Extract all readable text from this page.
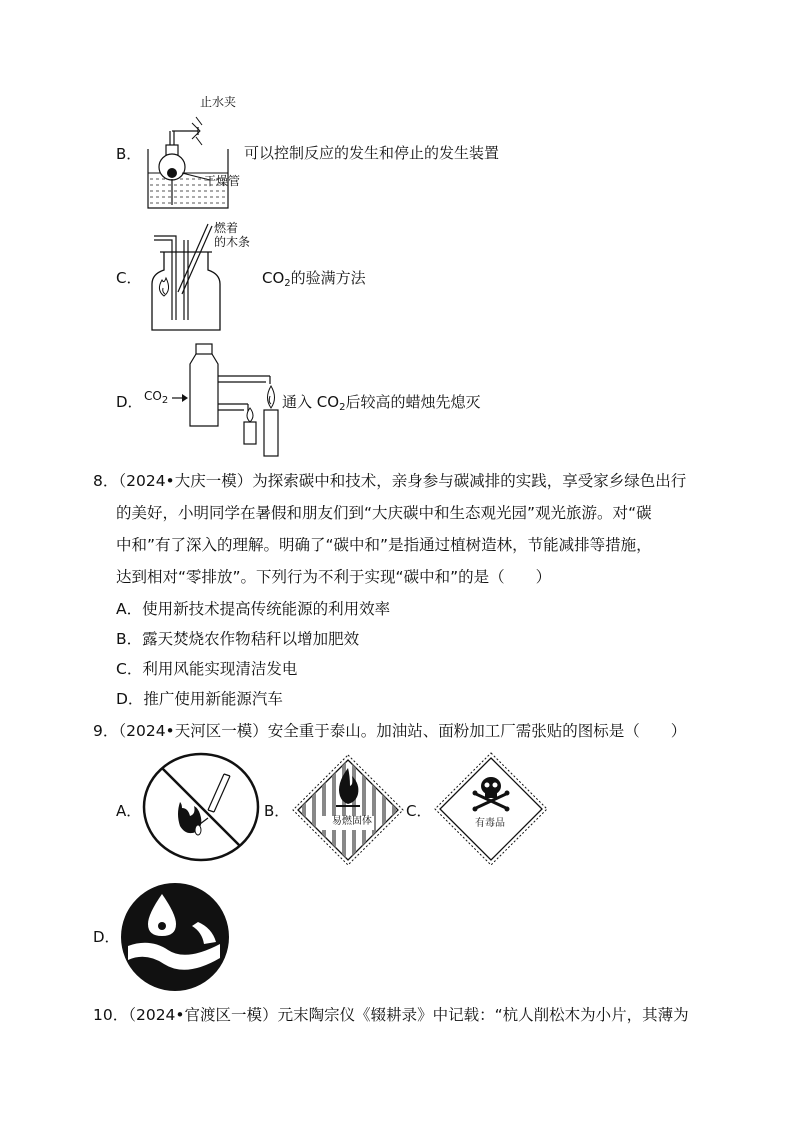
B．
止水夹
干燥管
可以控制反应的发生和停止的发生装置
C．
燃着
的木条
$CO_2$的验满方法
D． $CO_2$	通入 $CO_2$后较高的蜡烛先熄灭
8．（2024•大庆一模）为探索碳中和技术，亲身参与碳减排的实践，享受家乡绿色出行
的美好，小明同学在暑假和朋友们到“大庆碳中和生态观光园”观光旅游。对“碳
中和”有了深入的理解。明确了“碳中和”是指通过植树造林，节能减排等措施，
达到相对“零排放”。下列行为不利于实现“碳中和”的是（　　）
A．使用新技术提高传统能源的利用效率
B．露天焚烧农作物秸秆以增加肥效
C．利用风能实现清洁发电
D．推广使用新能源汽车
9．（2024•天河区一模）安全重于泰山。加油站、面粉加工厂需张贴的图标是（　　）
A．	B．
易燃固体
C．
有毒品
D．
10．（2024•官渡区一模）元末陶宗仪《辍耕录》中记载：“杭人削松木为小片，其薄为
